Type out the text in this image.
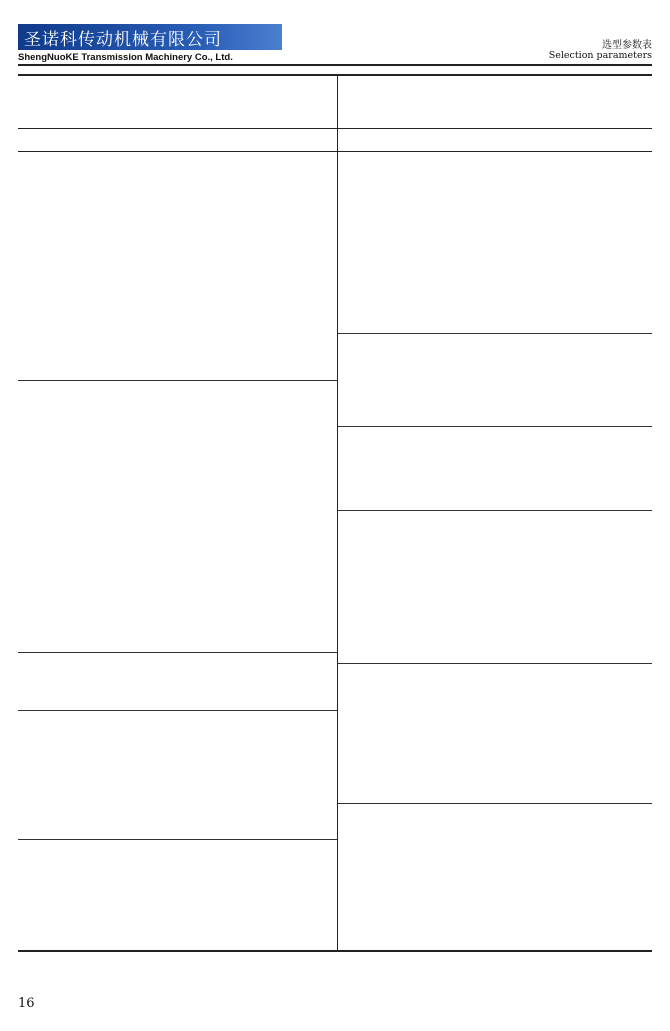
圣诺科传动机械有限公司
ShengNuoKE Transmission Machinery Co., Ltd.
选型参数表
Selection parameters
16
